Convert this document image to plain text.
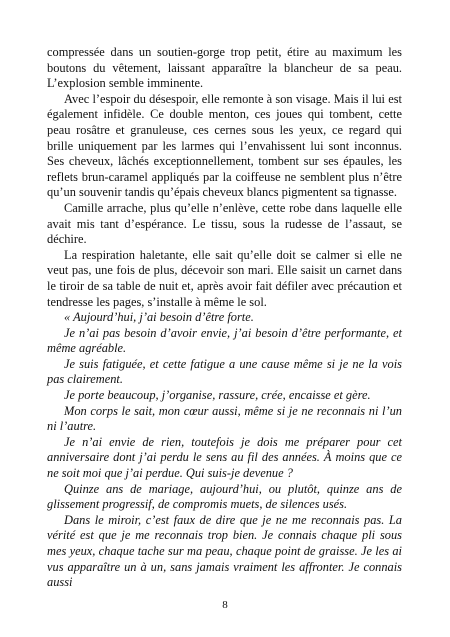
compressée dans un soutien-gorge trop petit, étire au maximum les boutons du vêtement, laissant apparaître la blancheur de sa peau. L’explosion semble imminente.

Avec l’espoir du désespoir, elle remonte à son visage. Mais il lui est également infidèle. Ce double menton, ces joues qui tombent, cette peau rosâtre et granuleuse, ces cernes sous les yeux, ce regard qui brille uniquement par les larmes qui l’envahissent lui sont inconnus. Ses cheveux, lâchés exceptionnellement, tombent sur ses épaules, les reflets brun-caramel appliqués par la coiffeuse ne semblent plus n’être qu’un souvenir tandis qu’épais cheveux blancs pigmentent sa tignasse.

Camille arrache, plus qu’elle n’enlève, cette robe dans laquelle elle avait mis tant d’espérance. Le tissu, sous la rudesse de l’assaut, se déchire.

La respiration haletante, elle sait qu’elle doit se calmer si elle ne veut pas, une fois de plus, décevoir son mari. Elle saisit un carnet dans le tiroir de sa table de nuit et, après avoir fait défiler avec précaution et tendresse les pages, s’installe à même le sol.

« Aujourd’hui, j’ai besoin d’être forte.

Je n’ai pas besoin d’avoir envie, j’ai besoin d’être performante, et même agréable.

Je suis fatiguée, et cette fatigue a une cause même si je ne la vois pas clairement.

Je porte beaucoup, j’organise, rassure, crée, encaisse et gère.

Mon corps le sait, mon cœur aussi, même si je ne reconnais ni l’un ni l’autre.

Je n’ai envie de rien, toutefois je dois me préparer pour cet anniversaire dont j’ai perdu le sens au fil des années. À moins que ce ne soit moi que j’ai perdue. Qui suis-je devenue ?

Quinze ans de mariage, aujourd’hui, ou plutôt, quinze ans de glissement progressif, de compromis muets, de silences usés.

Dans le miroir, c’est faux de dire que je ne me reconnais pas. La vérité est que je me reconnais trop bien. Je connais chaque pli sous mes yeux, chaque tache sur ma peau, chaque point de graisse. Je les ai vus apparaître un à un, sans jamais vraiment les affronter. Je connais aussi

8
